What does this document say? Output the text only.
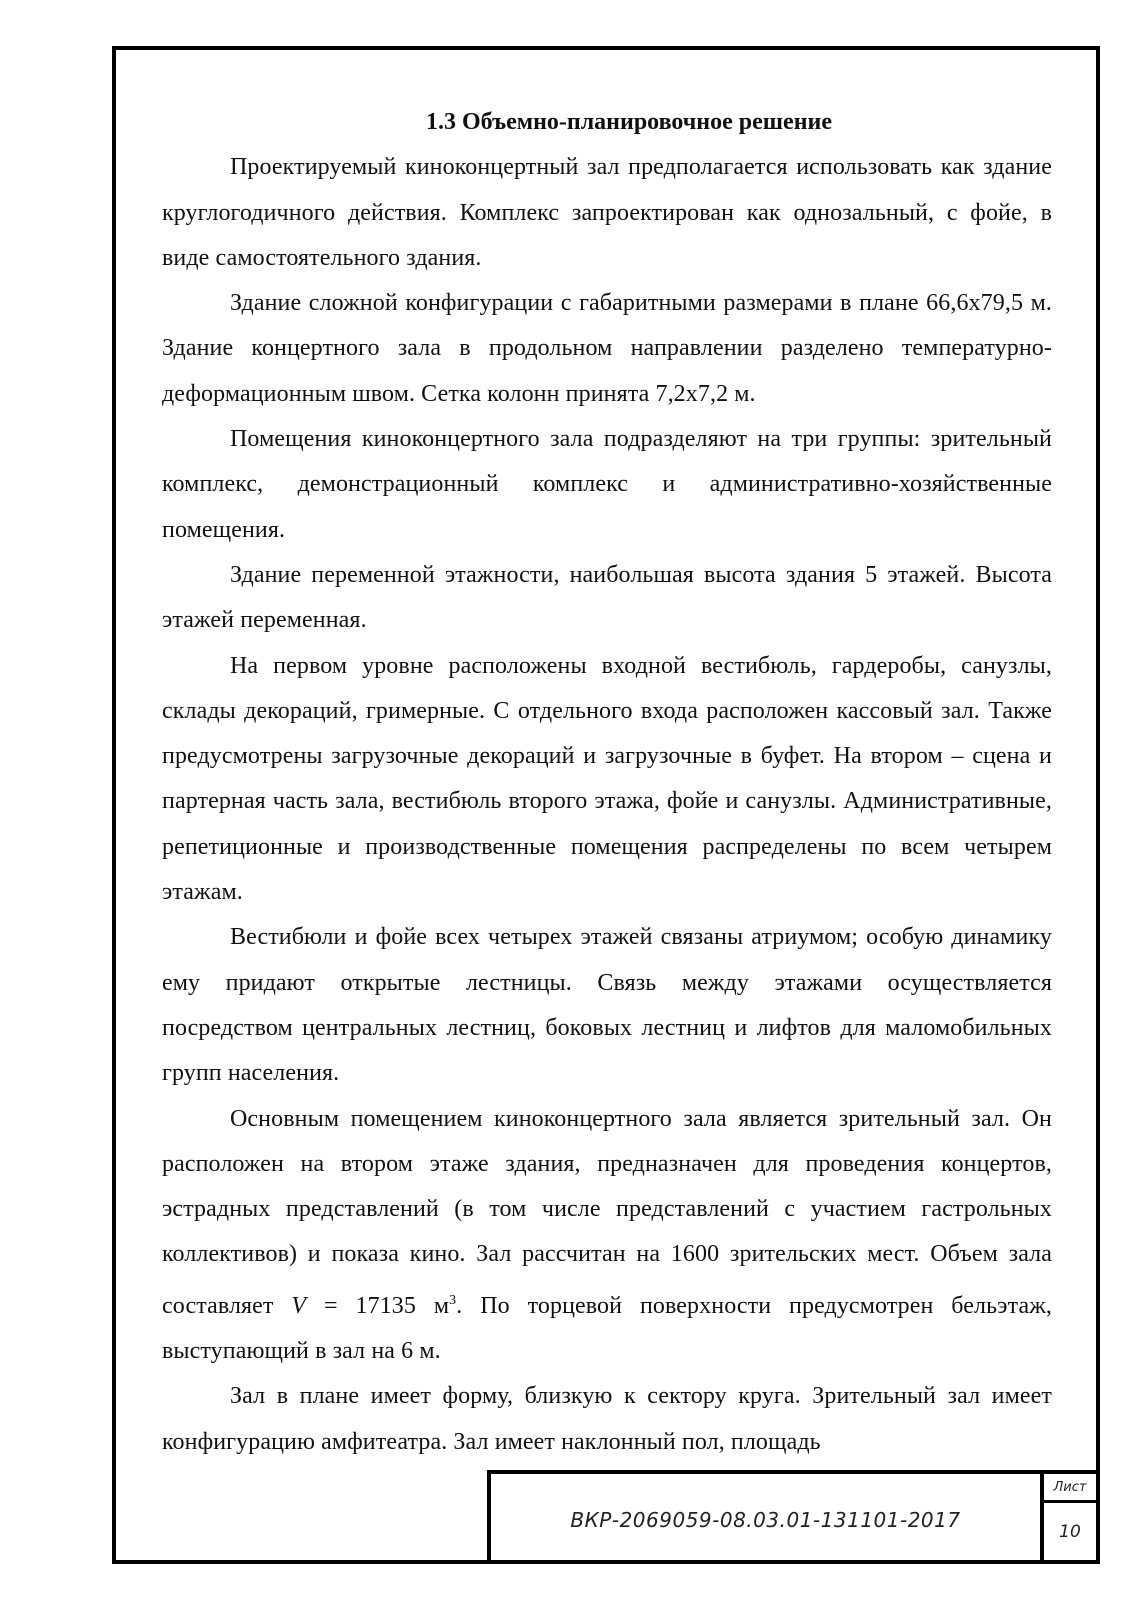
1.3 Объемно-планировочное решение

Проектируемый киноконцертный зал предполагается использовать как здание круглогодичного действия. Комплекс запроектирован как однозальный, с фойе, в виде самостоятельного здания.

Здание сложной конфигурации с габаритными размерами в плане 66,6х79,5 м. Здание концертного зала в продольном направлении разделено температурно-деформационным швом. Сетка колонн принята 7,2х7,2 м.

Помещения киноконцертного зала подразделяют на три группы: зрительный комплекс, демонстрационный комплекс и административно-хозяйственные помещения.

Здание переменной этажности, наибольшая высота здания 5 этажей. Высота этажей переменная.

На первом уровне расположены входной вестибюль, гардеробы, санузлы, склады декораций, гримерные. С отдельного входа расположен кассовый зал. Также предусмотрены загрузочные декораций и загрузочные в буфет. На втором – сцена и партерная часть зала, вестибюль второго этажа, фойе и санузлы. Административные, репетиционные и производственные помещения распределены по всем четырем этажам.

Вестибюли и фойе всех четырех этажей связаны атриумом; особую динамику ему придают открытые лестницы. Связь между этажами осуществляется посредством центральных лестниц, боковых лестниц и лифтов для маломобильных групп населения.

Основным помещением киноконцертного зала является зрительный зал. Он расположен на втором этаже здания, предназначен для проведения концертов, эстрадных представлений (в том числе представлений с участием гастрольных коллективов) и показа кино. Зал рассчитан на 1600 зрительских мест. Объем зала составляет V = 17135 $м^3$. По торцевой поверхности предусмотрен бельэтаж, выступающий в зал на 6 м.

Зал в плане имеет форму, близкую к сектору круга. Зрительный зал имеет конфигурацию амфитеатра. Зал имеет наклонный пол, площадь

ВКР-2069059-08.03.01-131101-2017
Лист
10
